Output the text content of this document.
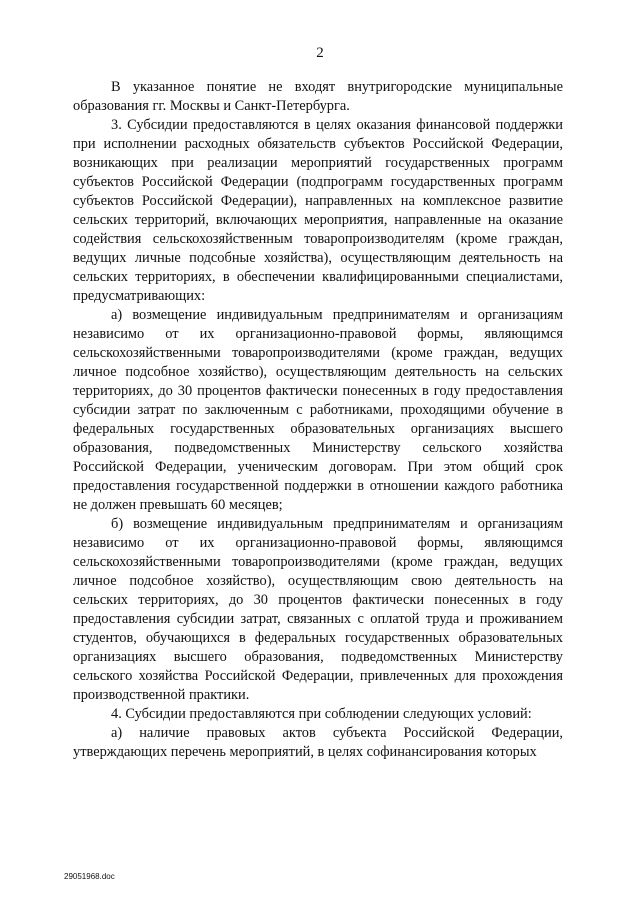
2

В указанное понятие не входят внутригородские муниципальные образования гг. Москвы и Санкт-Петербурга.

3. Субсидии предоставляются в целях оказания финансовой поддержки при исполнении расходных обязательств субъектов Российской Федерации, возникающих при реализации мероприятий государственных программ субъектов Российской Федерации (подпрограмм государственных программ субъектов Российской Федерации), направленных на комплексное развитие сельских территорий, включающих мероприятия, направленные на оказание содействия сельскохозяйственным товаропроизводителям (кроме граждан, ведущих личные подсобные хозяйства), осуществляющим деятельность на сельских территориях, в обеспечении квалифицированными специалистами, предусматривающих:

а) возмещение индивидуальным предпринимателям и организациям независимо от их организационно-правовой формы, являющимся сельскохозяйственными товаропроизводителями (кроме граждан, ведущих личное подсобное хозяйство), осуществляющим деятельность на сельских территориях, до 30 процентов фактически понесенных в году предоставления субсидии затрат по заключенным с работниками, проходящими обучение в федеральных государственных образовательных организациях высшего образования, подведомственных Министерству сельского хозяйства Российской Федерации, ученическим договорам. При этом общий срок предоставления государственной поддержки в отношении каждого работника не должен превышать 60 месяцев;

б) возмещение индивидуальным предпринимателям и организациям независимо от их организационно-правовой формы, являющимся сельскохозяйственными товаропроизводителями (кроме граждан, ведущих личное подсобное хозяйство), осуществляющим свою деятельность на сельских территориях, до 30 процентов фактически понесенных в году предоставления субсидии затрат, связанных с оплатой труда и проживанием студентов, обучающихся в федеральных государственных образовательных организациях высшего образования, подведомственных Министерству сельского хозяйства Российской Федерации, привлеченных для прохождения производственной практики.

4. Субсидии предоставляются при соблюдении следующих условий:

а) наличие правовых актов субъекта Российской Федерации, утверждающих перечень мероприятий, в целях софинансирования которых

29051968.doc
